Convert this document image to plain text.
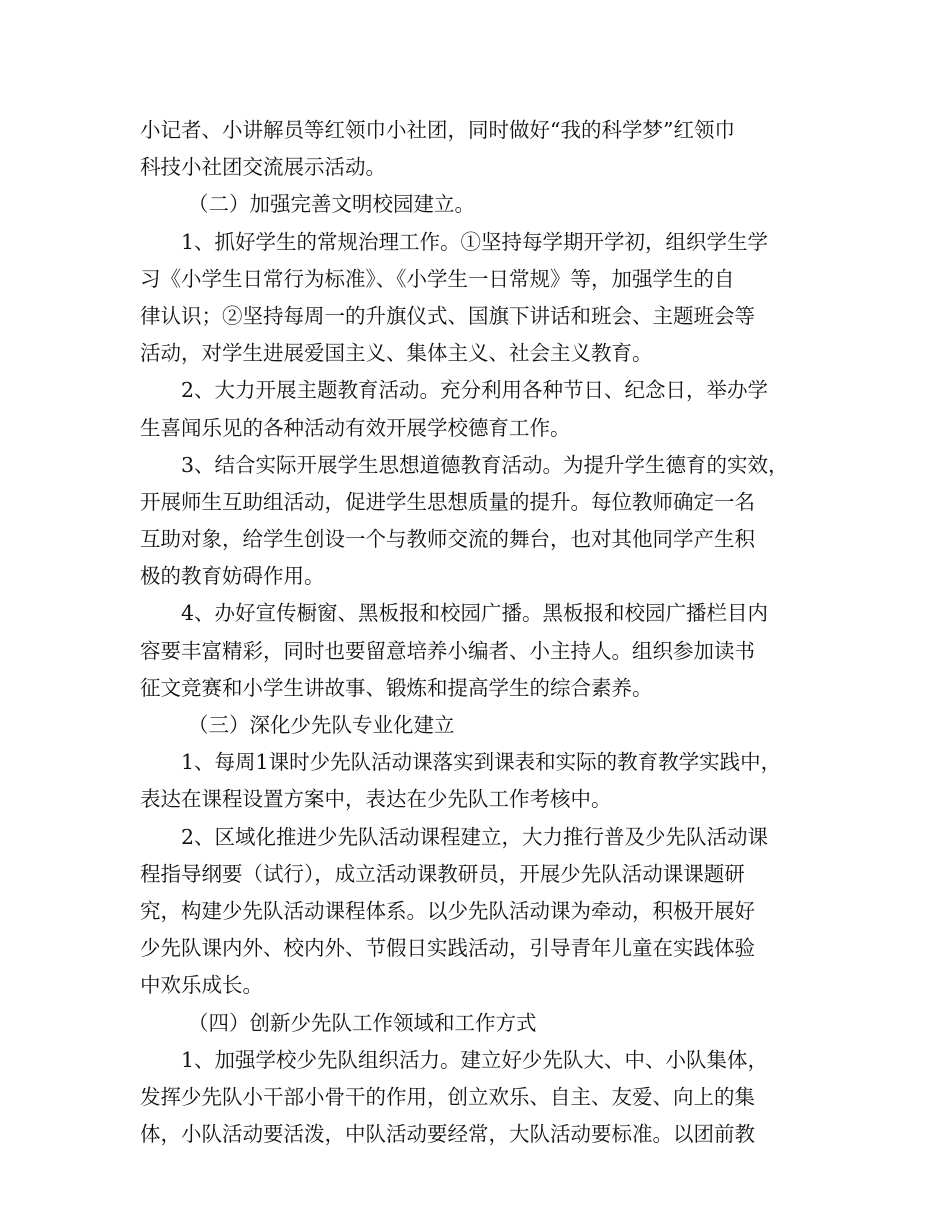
小记者、小讲解员等红领巾小社团，同时做好“我的科学梦”红领巾
科技小社团交流展示活动。
（二）加强完善文明校园建立。
1、抓好学生的常规治理工作。①坚持每学期开学初，组织学生学
习《小学生日常行为标准》、《小学生一日常规》等，加强学生的自
律认识；②坚持每周一的升旗仪式、国旗下讲话和班会、主题班会等
活动，对学生进展爱国主义、集体主义、社会主义教育。
2、大力开展主题教育活动。充分利用各种节日、纪念日，举办学
生喜闻乐见的各种活动有效开展学校德育工作。
3、结合实际开展学生思想道德教育活动。为提升学生德育的实效，
开展师生互助组活动，促进学生思想质量的提升。每位教师确定一名
互助对象，给学生创设一个与教师交流的舞台，也对其他同学产生积
极的教育妨碍作用。
4、办好宣传橱窗、黑板报和校园广播。黑板报和校园广播栏目内
容要丰富精彩，同时也要留意培养小编者、小主持人。组织参加读书
征文竞赛和小学生讲故事、锻炼和提高学生的综合素养。
（三）深化少先队专业化建立
1、每周1课时少先队活动课落实到课表和实际的教育教学实践中，
表达在课程设置方案中，表达在少先队工作考核中。
2、区域化推进少先队活动课程建立，大力推行普及少先队活动课
程指导纲要（试行），成立活动课教研员，开展少先队活动课课题研
究，构建少先队活动课程体系。以少先队活动课为牵动，积极开展好
少先队课内外、校内外、节假日实践活动，引导青年儿童在实践体验
中欢乐成长。
（四）创新少先队工作领域和工作方式
1、加强学校少先队组织活力。建立好少先队大、中、小队集体，
发挥少先队小干部小骨干的作用，创立欢乐、自主、友爱、向上的集
体，小队活动要活泼，中队活动要经常，大队活动要标准。以团前教
